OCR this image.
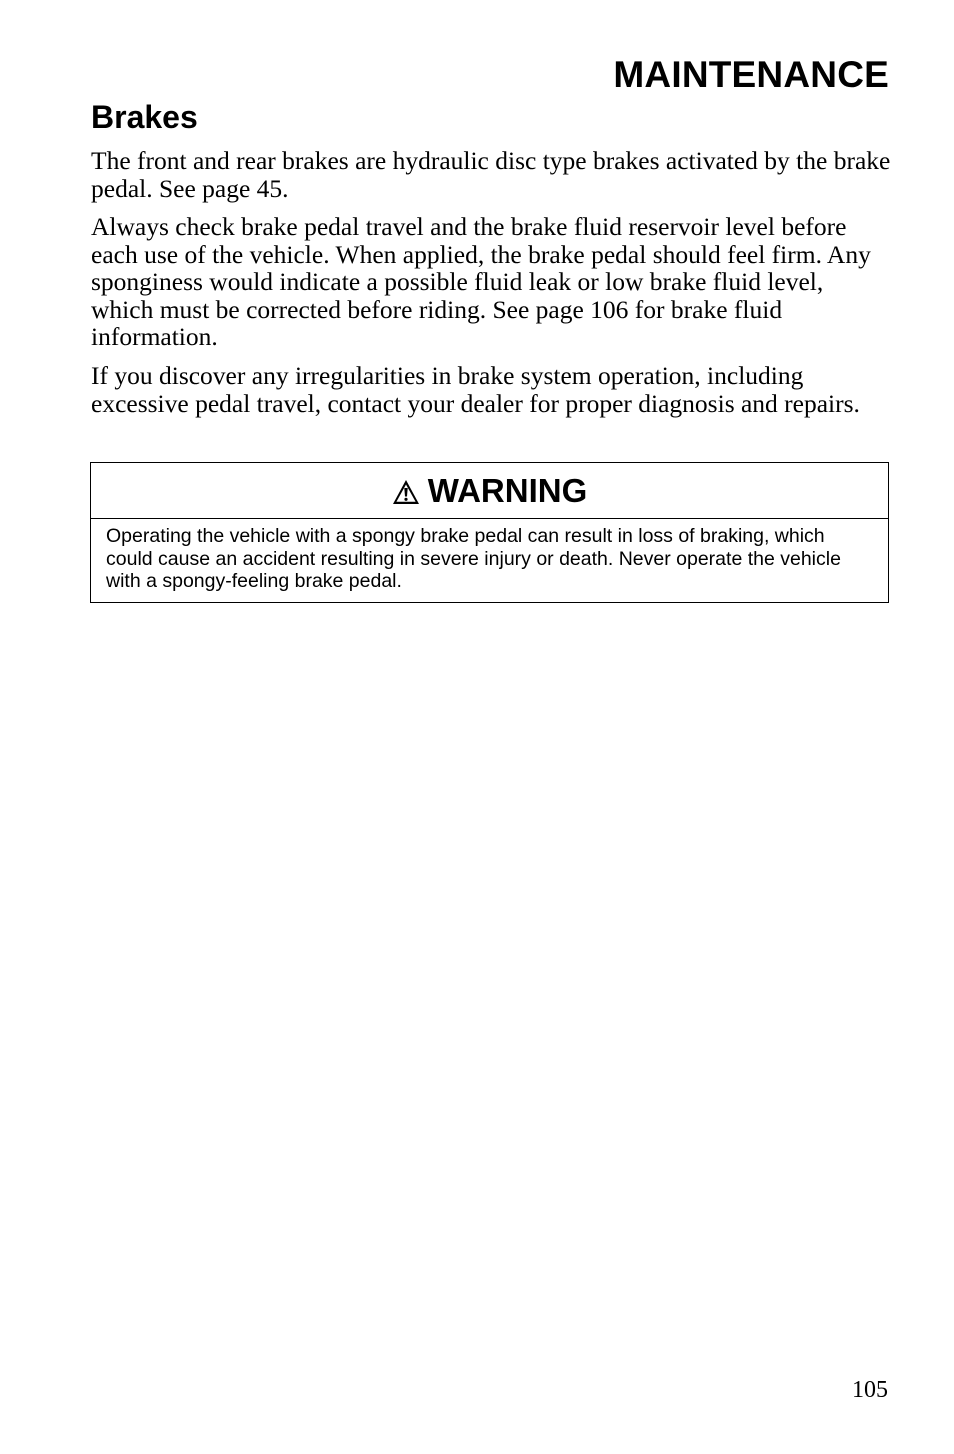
MAINTENANCE
Brakes

The front and rear brakes are hydraulic disc type brakes activated by the brake pedal. See page 45.

Always check brake pedal travel and the brake fluid reservoir level before each use of the vehicle. When applied, the brake pedal should feel firm. Any sponginess would indicate a possible fluid leak or low brake fluid level, which must be corrected before riding. See page 106 for brake fluid information.

If you discover any irregularities in brake system operation, including excessive pedal travel, contact your dealer for proper diagnosis and repairs.

WARNING

Operating the vehicle with a spongy brake pedal can result in loss of braking, which could cause an accident resulting in severe injury or death. Never operate the vehicle with a spongy-feeling brake pedal.

105
